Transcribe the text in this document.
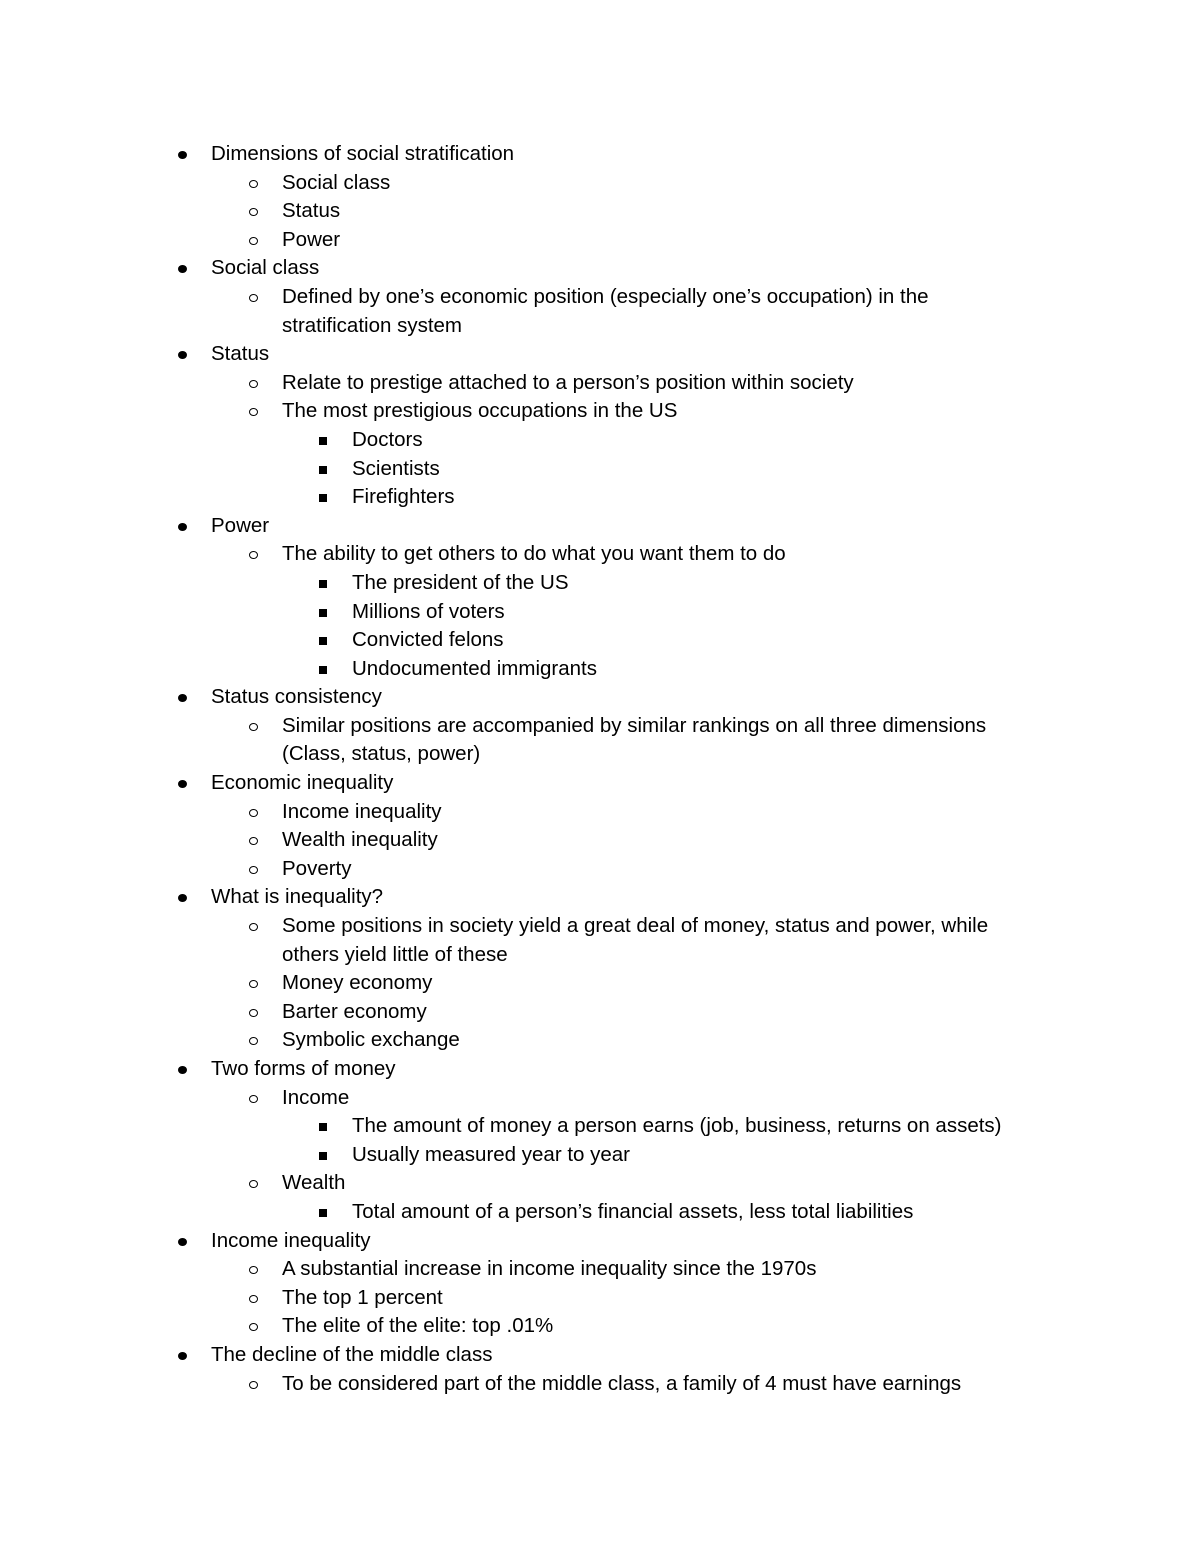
Dimensions of social stratification
Social class
Status
Power
Social class
Defined by one’s economic position (especially one’s occupation) in the stratification system
Status
Relate to prestige attached to a person’s position within society
The most prestigious occupations in the US
Doctors
Scientists
Firefighters
Power
The ability to get others to do what you want them to do
The president of the US
Millions of voters
Convicted felons
Undocumented immigrants
Status consistency
Similar positions are accompanied by similar rankings on all three dimensions (Class, status, power)
Economic inequality
Income inequality
Wealth inequality
Poverty
What is inequality?
Some positions in society yield a great deal of money, status and power, while others yield little of these
Money economy
Barter economy
Symbolic exchange
Two forms of money
Income
The amount of money a person earns (job, business, returns on assets)
Usually measured year to year
Wealth
Total amount of a person’s financial assets, less total liabilities
Income inequality
A substantial increase in income inequality since the 1970s
The top 1 percent
The elite of the elite: top .01%
The decline of the middle class
To be considered part of the middle class, a family of 4 must have earnings
